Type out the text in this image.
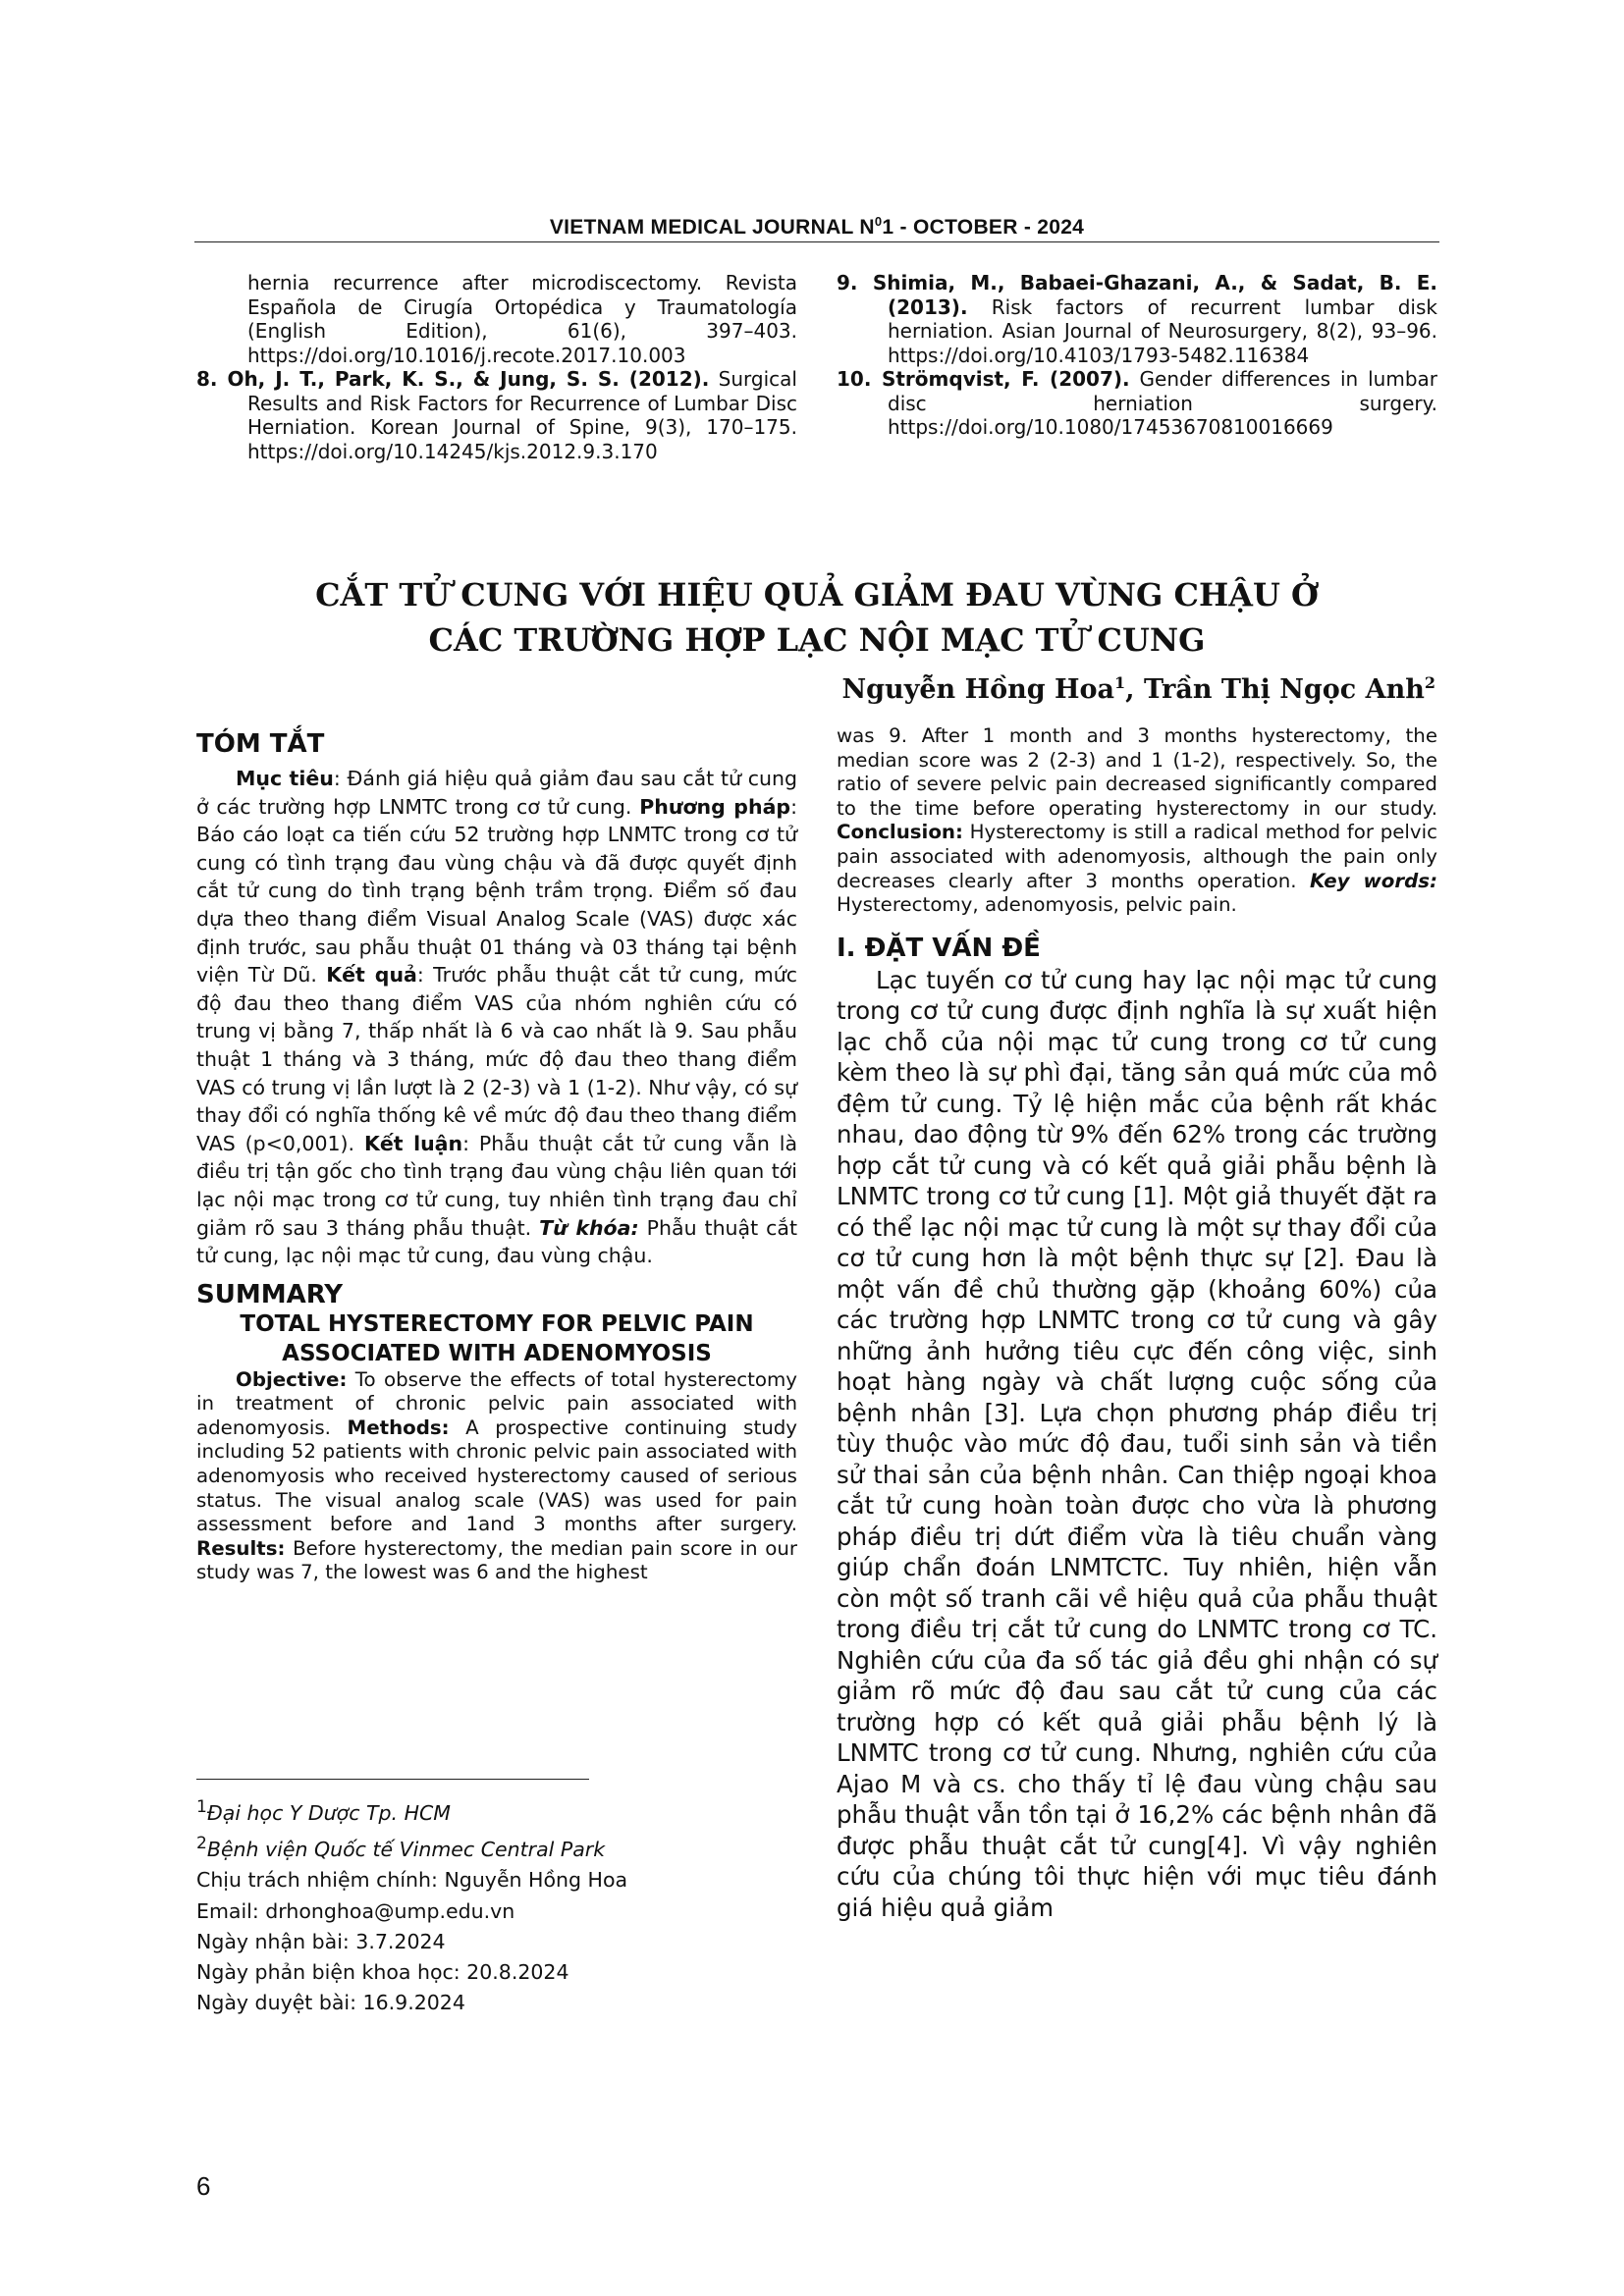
VIETNAM MEDICAL JOURNAL $N^01$ - OCTOBER - 2024

hernia recurrence after microdiscectomy. Revista Española de Cirugía Ortopédica y Traumatología (English Edition), 61(6), 397–403. https://doi.org/10.1016/j.recote.2017.10.003

8. Oh, J. T., Park, K. S., & Jung, S. S. (2012). Surgical Results and Risk Factors for Recurrence of Lumbar Disc Herniation. Korean Journal of Spine, 9(3), 170–175. https://doi.org/10.14245/kjs.2012.9.3.170

9. Shimia, M., Babaei-Ghazani, A., & Sadat, B. E. (2013). Risk factors of recurrent lumbar disk herniation. Asian Journal of Neurosurgery, 8(2), 93–96. https://doi.org/10.4103/1793-5482.116384

10. Strömqvist, F. (2007). Gender differences in lumbar disc herniation surgery. https://doi.org/10.1080/17453670810016669

CẮT TỬ CUNG VỚI HIỆU QUẢ GIẢM ĐAU VÙNG CHẬU Ở
CÁC TRƯỜNG HỢP LẠC NỘI MẠC TỬ CUNG
Nguyễn Hồng Hoa$^1$, Trần Thị Ngọc Anh$^2$
TÓM TẮT

Mục tiêu: Đánh giá hiệu quả giảm đau sau cắt tử cung ở các trường hợp LNMTC trong cơ tử cung. Phương pháp: Báo cáo loạt ca tiến cứu 52 trường hợp LNMTC trong cơ tử cung có tình trạng đau vùng chậu và đã được quyết định cắt tử cung do tình trạng bệnh trầm trọng. Điểm số đau dựa theo thang điểm Visual Analog Scale (VAS) được xác định trước, sau phẫu thuật 01 tháng và 03 tháng tại bệnh viện Từ Dũ. Kết quả: Trước phẫu thuật cắt tử cung, mức độ đau theo thang điểm VAS của nhóm nghiên cứu có trung vị bằng 7, thấp nhất là 6 và cao nhất là 9. Sau phẫu thuật 1 tháng và 3 tháng, mức độ đau theo thang điểm VAS có trung vị lần lượt là 2 (2-3) và 1 (1-2). Như vậy, có sự thay đổi có nghĩa thống kê về mức độ đau theo thang điểm VAS (p<0,001). Kết luận: Phẫu thuật cắt tử cung vẫn là điều trị tận gốc cho tình trạng đau vùng chậu liên quan tới lạc nội mạc trong cơ tử cung, tuy nhiên tình trạng đau chỉ giảm rõ sau 3 tháng phẫu thuật. Từ khóa: Phẫu thuật cắt tử cung, lạc nội mạc tử cung, đau vùng chậu.

SUMMARY
TOTAL HYSTERECTOMY FOR PELVIC PAIN
ASSOCIATED WITH ADENOMYOSIS

Objective: To observe the effects of total hysterectomy in treatment of chronic pelvic pain associated with adenomyosis. Methods: A prospective continuing study including 52 patients with chronic pelvic pain associated with adenomyosis who received hysterectomy caused of serious status. The visual analog scale (VAS) was used for pain assessment before and 1and 3 months after surgery. Results: Before hysterectomy, the median pain score in our study was 7, the lowest was 6 and the highest

$^1$Đại học Y Dược Tp. HCM
$^2$Bệnh viện Quốc tế Vinmec Central Park
Chịu trách nhiệm chính: Nguyễn Hồng Hoa
Email: drhonghoa@ump.edu.vn
Ngày nhận bài: 3.7.2024
Ngày phản biện khoa học: 20.8.2024
Ngày duyệt bài: 16.9.2024

was 9. After 1 month and 3 months hysterectomy, the median score was 2 (2-3) and 1 (1-2), respectively. So, the ratio of severe pelvic pain decreased significantly compared to the time before operating hysterectomy in our study. Conclusion: Hysterectomy is still a radical method for pelvic pain associated with adenomyosis, although the pain only decreases clearly after 3 months operation. Key words: Hysterectomy, adenomyosis, pelvic pain.

I. ĐẶT VẤN ĐỀ

Lạc tuyến cơ tử cung hay lạc nội mạc tử cung trong cơ tử cung được định nghĩa là sự xuất hiện lạc chỗ của nội mạc tử cung trong cơ tử cung kèm theo là sự phì đại, tăng sản quá mức của mô đệm tử cung. Tỷ lệ hiện mắc của bệnh rất khác nhau, dao động từ 9% đến 62% trong các trường hợp cắt tử cung và có kết quả giải phẫu bệnh là LNMTC trong cơ tử cung [1]. Một giả thuyết đặt ra có thể lạc nội mạc tử cung là một sự thay đổi của cơ tử cung hơn là một bệnh thực sự [2]. Đau là một vấn đề chủ thường gặp (khoảng 60%) của các trường hợp LNMTC trong cơ tử cung và gây những ảnh hưởng tiêu cực đến công việc, sinh hoạt hàng ngày và chất lượng cuộc sống của bệnh nhân [3]. Lựa chọn phương pháp điều trị tùy thuộc vào mức độ đau, tuổi sinh sản và tiền sử thai sản của bệnh nhân. Can thiệp ngoại khoa cắt tử cung hoàn toàn được cho vừa là phương pháp điều trị dứt điểm vừa là tiêu chuẩn vàng giúp chẩn đoán LNMTCTC. Tuy nhiên, hiện vẫn còn một số tranh cãi về hiệu quả của phẫu thuật trong điều trị cắt tử cung do LNMTC trong cơ TC. Nghiên cứu của đa số tác giả đều ghi nhận có sự giảm rõ mức độ đau sau cắt tử cung của các trường hợp có kết quả giải phẫu bệnh lý là LNMTC trong cơ tử cung. Nhưng, nghiên cứu của Ajao M và cs. cho thấy tỉ lệ đau vùng chậu sau phẫu thuật vẫn tồn tại ở 16,2% các bệnh nhân đã được phẫu thuật cắt tử cung[4]. Vì vậy nghiên cứu của chúng tôi thực hiện với mục tiêu đánh giá hiệu quả giảm

6
